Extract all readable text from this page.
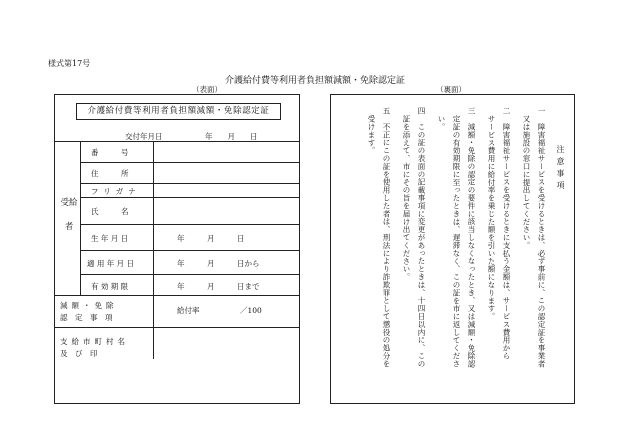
様式第17号
介護給付費等利用者負担額減額・免除認定証
（表面）	（裏面）
介護給付費等利用者負担額減額・免除認定証
交付年月日	年　　月　　日
受給者
番　　　号
住　　　所
フリガナ
氏　　　名
生 年 月 日	年　　　月　　　日
適 用 年 月 日	年　　　月　　　日から
有 効 期 限	年　　　月　　　日まで
減額・免除
認　定　事　項
給付率	／100
支給市町村名
及　び　印
注意事項
一　障害福祉サービスを受けるときは、必ず事前に、この認定証を事業者
又は施設の窓口に提出してください。
二　障害福祉サービスを受けるときに支払う金額は、サービス費用から
サービス費用に給付率を乗じた額を引いた額になります。
三　減額・免除の認定の要件に該当しなくなったとき、又は減額・免除認
定証の有効期限に至ったときは、遅滞なく、この証を市に返してくださ
い。
四　この証の表面の記載事項に変更があったときは、十四日以内に、この
証を添えて、市にその旨を届け出てください。
五　不正にこの証を使用した者は、刑法により詐欺罪として懲役の処分を
受けます。
